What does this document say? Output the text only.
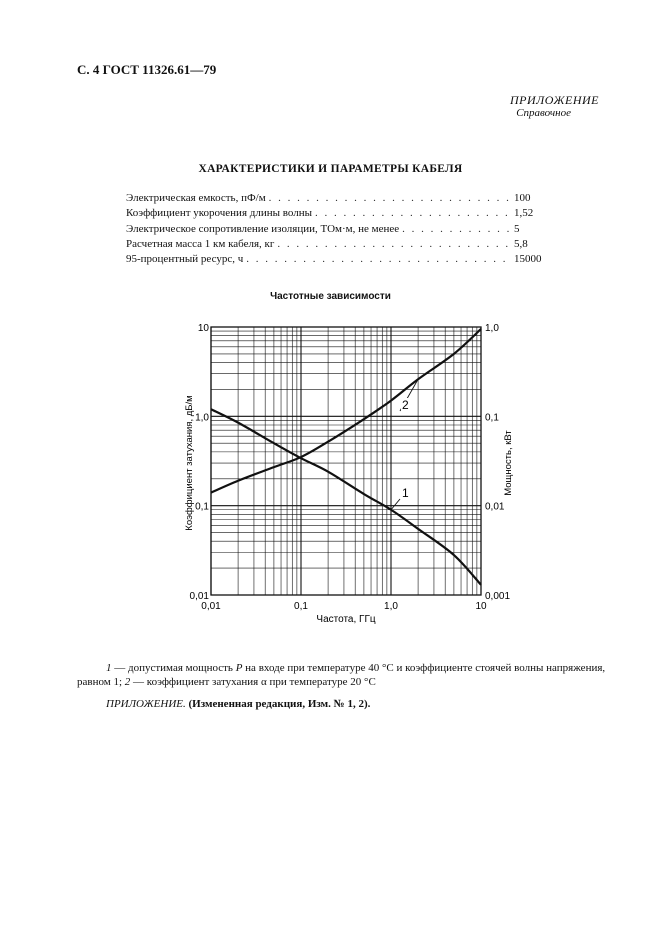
С. 4 ГОСТ 11326.61—79
ПРИЛОЖЕНИЕ
Справочное
ХАРАКТЕРИСТИКИ И ПАРАМЕТРЫ КАБЕЛЯ
Электрическая емкость, пФ/м . . .	100
Коэффициент укорочения длины волны . . .	1,52
Электрическое сопротивление изоляции, ТОм·м, не менее . . .	5
Расчетная масса 1 км кабеля, кг . . .	5,8
95-процентный ресурс, ч . . .	15000
Частотные зависимости
0,01	0,1	1,0	10
0,01
0,1
1,0
10
0,001
0,01
0,1
1,0
1
2
Частота, ГГц
Коэффициент затухания, дБ/м	Мощность, кВт
1 — допустимая мощность P на входе при температуре 40 °С и коэффициенте стоячей волны напряжения,
равном 1; 2 — коэффициент затухания α при температуре 20 °С
ПРИЛОЖЕНИЕ. (Измененная редакция, Изм. № 1, 2).
